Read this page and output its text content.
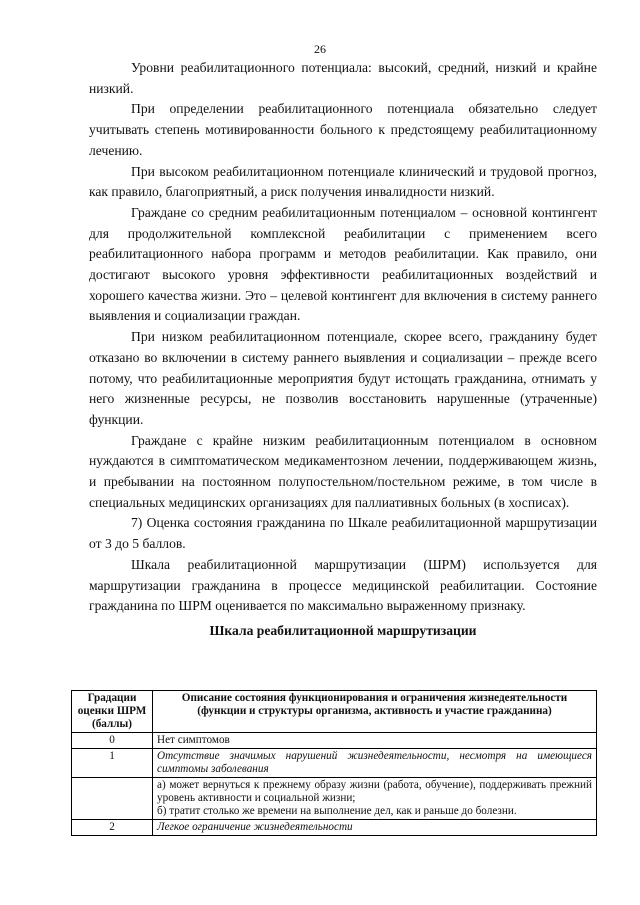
26

Уровни реабилитационного потенциала: высокий, средний, низкий и крайне низкий.

При определении реабилитационного потенциала обязательно следует учитывать степень мотивированности больного к предстоящему реабилитационному лечению.

При высоком реабилитационном потенциале клинический и трудовой прогноз, как правило, благоприятный, а риск получения инвалидности низкий.

Граждане со средним реабилитационным потенциалом – основной контингент для продолжительной комплексной реабилитации с применением всего реабилитационного набора программ и методов реабилитации. Как правило, они достигают высокого уровня эффективности реабилитационных воздействий и хорошего качества жизни. Это – целевой контингент для включения в систему раннего выявления и социализации граждан.

При низком реабилитационном потенциале, скорее всего, гражданину будет отказано во включении в систему раннего выявления и социализации – прежде всего потому, что реабилитационные мероприятия будут истощать гражданина, отнимать у него жизненные ресурсы, не позволив восстановить нарушенные (утраченные) функции.

Граждане с крайне низким реабилитационным потенциалом в основном нуждаются в симптоматическом медикаментозном лечении, поддерживающем жизнь, и пребывании на постоянном полупостельном/постельном режиме, в том числе в специальных медицинских организациях для паллиативных больных (в хосписах).

7) Оценка состояния гражданина по Шкале реабилитационной маршрутизации от 3 до 5 баллов.

Шкала реабилитационной маршрутизации (ШРМ) используется для маршрутизации гражданина в процессе медицинской реабилитации. Состояние гражданина по ШРМ оценивается по максимально выраженному признаку.

Шкала реабилитационной маршрутизации

Градации оценки ШРМ (баллы)	Описание состояния функционирования и ограничения жизнедеятельности
(функции и структуры организма, активность и участие гражданина)

0	Нет симптомов
1	Отсутствие значимых нарушений жизнедеятельности, несмотря на имеющиеся симптомы заболевания

	а) может вернуться к прежнему образу жизни (работа, обучение), поддерживать прежний уровень активности и социальной жизни;
б) тратит столько же времени на выполнение дел, как и раньше до болезни.

2	Легкое ограничение жизнедеятельности
